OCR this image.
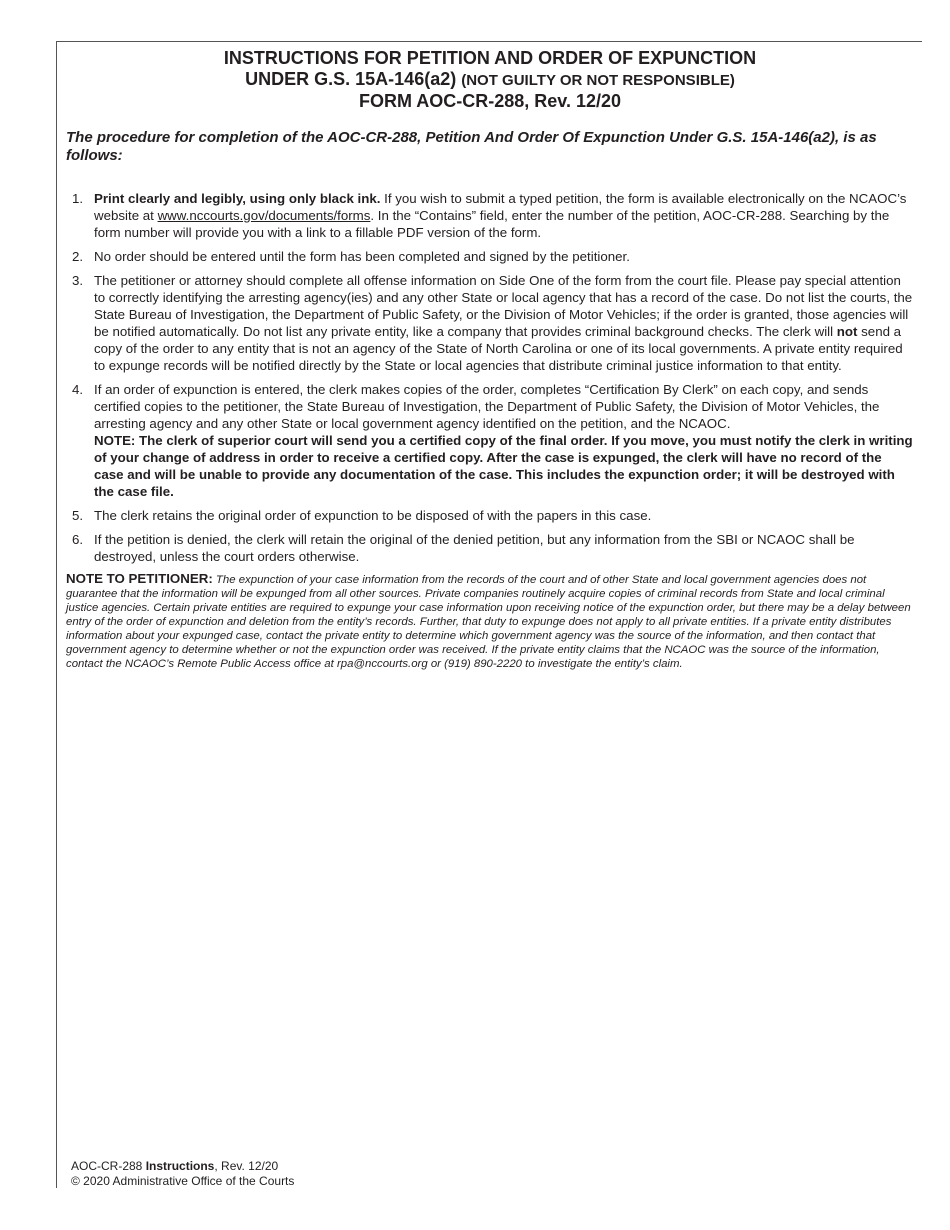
INSTRUCTIONS FOR PETITION AND ORDER OF EXPUNCTION
UNDER G.S. 15A-146(a2) (NOT GUILTY OR NOT RESPONSIBLE)
FORM AOC-CR-288, Rev. 12/20

The procedure for completion of the AOC-CR-288, Petition And Order Of Expunction Under G.S. 15A-146(a2), is as follows:

1. Print clearly and legibly, using only black ink. If you wish to submit a typed petition, the form is available electronically on the NCAOC’s website at www.nccourts.gov/documents/forms. In the “Contains” field, enter the number of the petition, AOC-CR-288. Searching by the form number will provide you with a link to a fillable PDF version of the form.
2. No order should be entered until the form has been completed and signed by the petitioner.
3. The petitioner or attorney should complete all offense information on Side One of the form from the court file. Please pay special attention to correctly identifying the arresting agency(ies) and any other State or local agency that has a record of the case. Do not list the courts, the State Bureau of Investigation, the Department of Public Safety, or the Division of Motor Vehicles; if the order is granted, those agencies will be notified automatically. Do not list any private entity, like a company that provides criminal background checks. The clerk will not send a copy of the order to any entity that is not an agency of the State of North Carolina or one of its local governments. A private entity required to expunge records will be notified directly by the State or local agencies that distribute criminal justice information to that entity.
4. If an order of expunction is entered, the clerk makes copies of the order, completes “Certification By Clerk” on each copy, and sends certified copies to the petitioner, the State Bureau of Investigation, the Department of Public Safety, the Division of Motor Vehicles, the arresting agency and any other State or local government agency identified on the petition, and the NCAOC.
NOTE: The clerk of superior court will send you a certified copy of the final order. If you move, you must notify the clerk in writing of your change of address in order to receive a certified copy. After the case is expunged, the clerk will have no record of the case and will be unable to provide any documentation of the case. This includes the expunction order; it will be destroyed with the case file.
5. The clerk retains the original order of expunction to be disposed of with the papers in this case.
6. If the petition is denied, the clerk will retain the original of the denied petition, but any information from the SBI or NCAOC shall be destroyed, unless the court orders otherwise.

NOTE TO PETITIONER: The expunction of your case information from the records of the court and of other State and local government agencies does not guarantee that the information will be expunged from all other sources. Private companies routinely acquire copies of criminal records from State and local criminal justice agencies. Certain private entities are required to expunge your case information upon receiving notice of the expunction order, but there may be a delay between entry of the order of expunction and deletion from the entity’s records. Further, that duty to expunge does not apply to all private entities. If a private entity distributes information about your expunged case, contact the private entity to determine which government agency was the source of the information, and then contact that government agency to determine whether or not the expunction order was received. If the private entity claims that the NCAOC was the source of the information, contact the NCAOC’s Remote Public Access office at rpa@nccourts.org or (919) 890-2220 to investigate the entity’s claim.

AOC-CR-288 Instructions, Rev. 12/20
© 2020 Administrative Office of the Courts
